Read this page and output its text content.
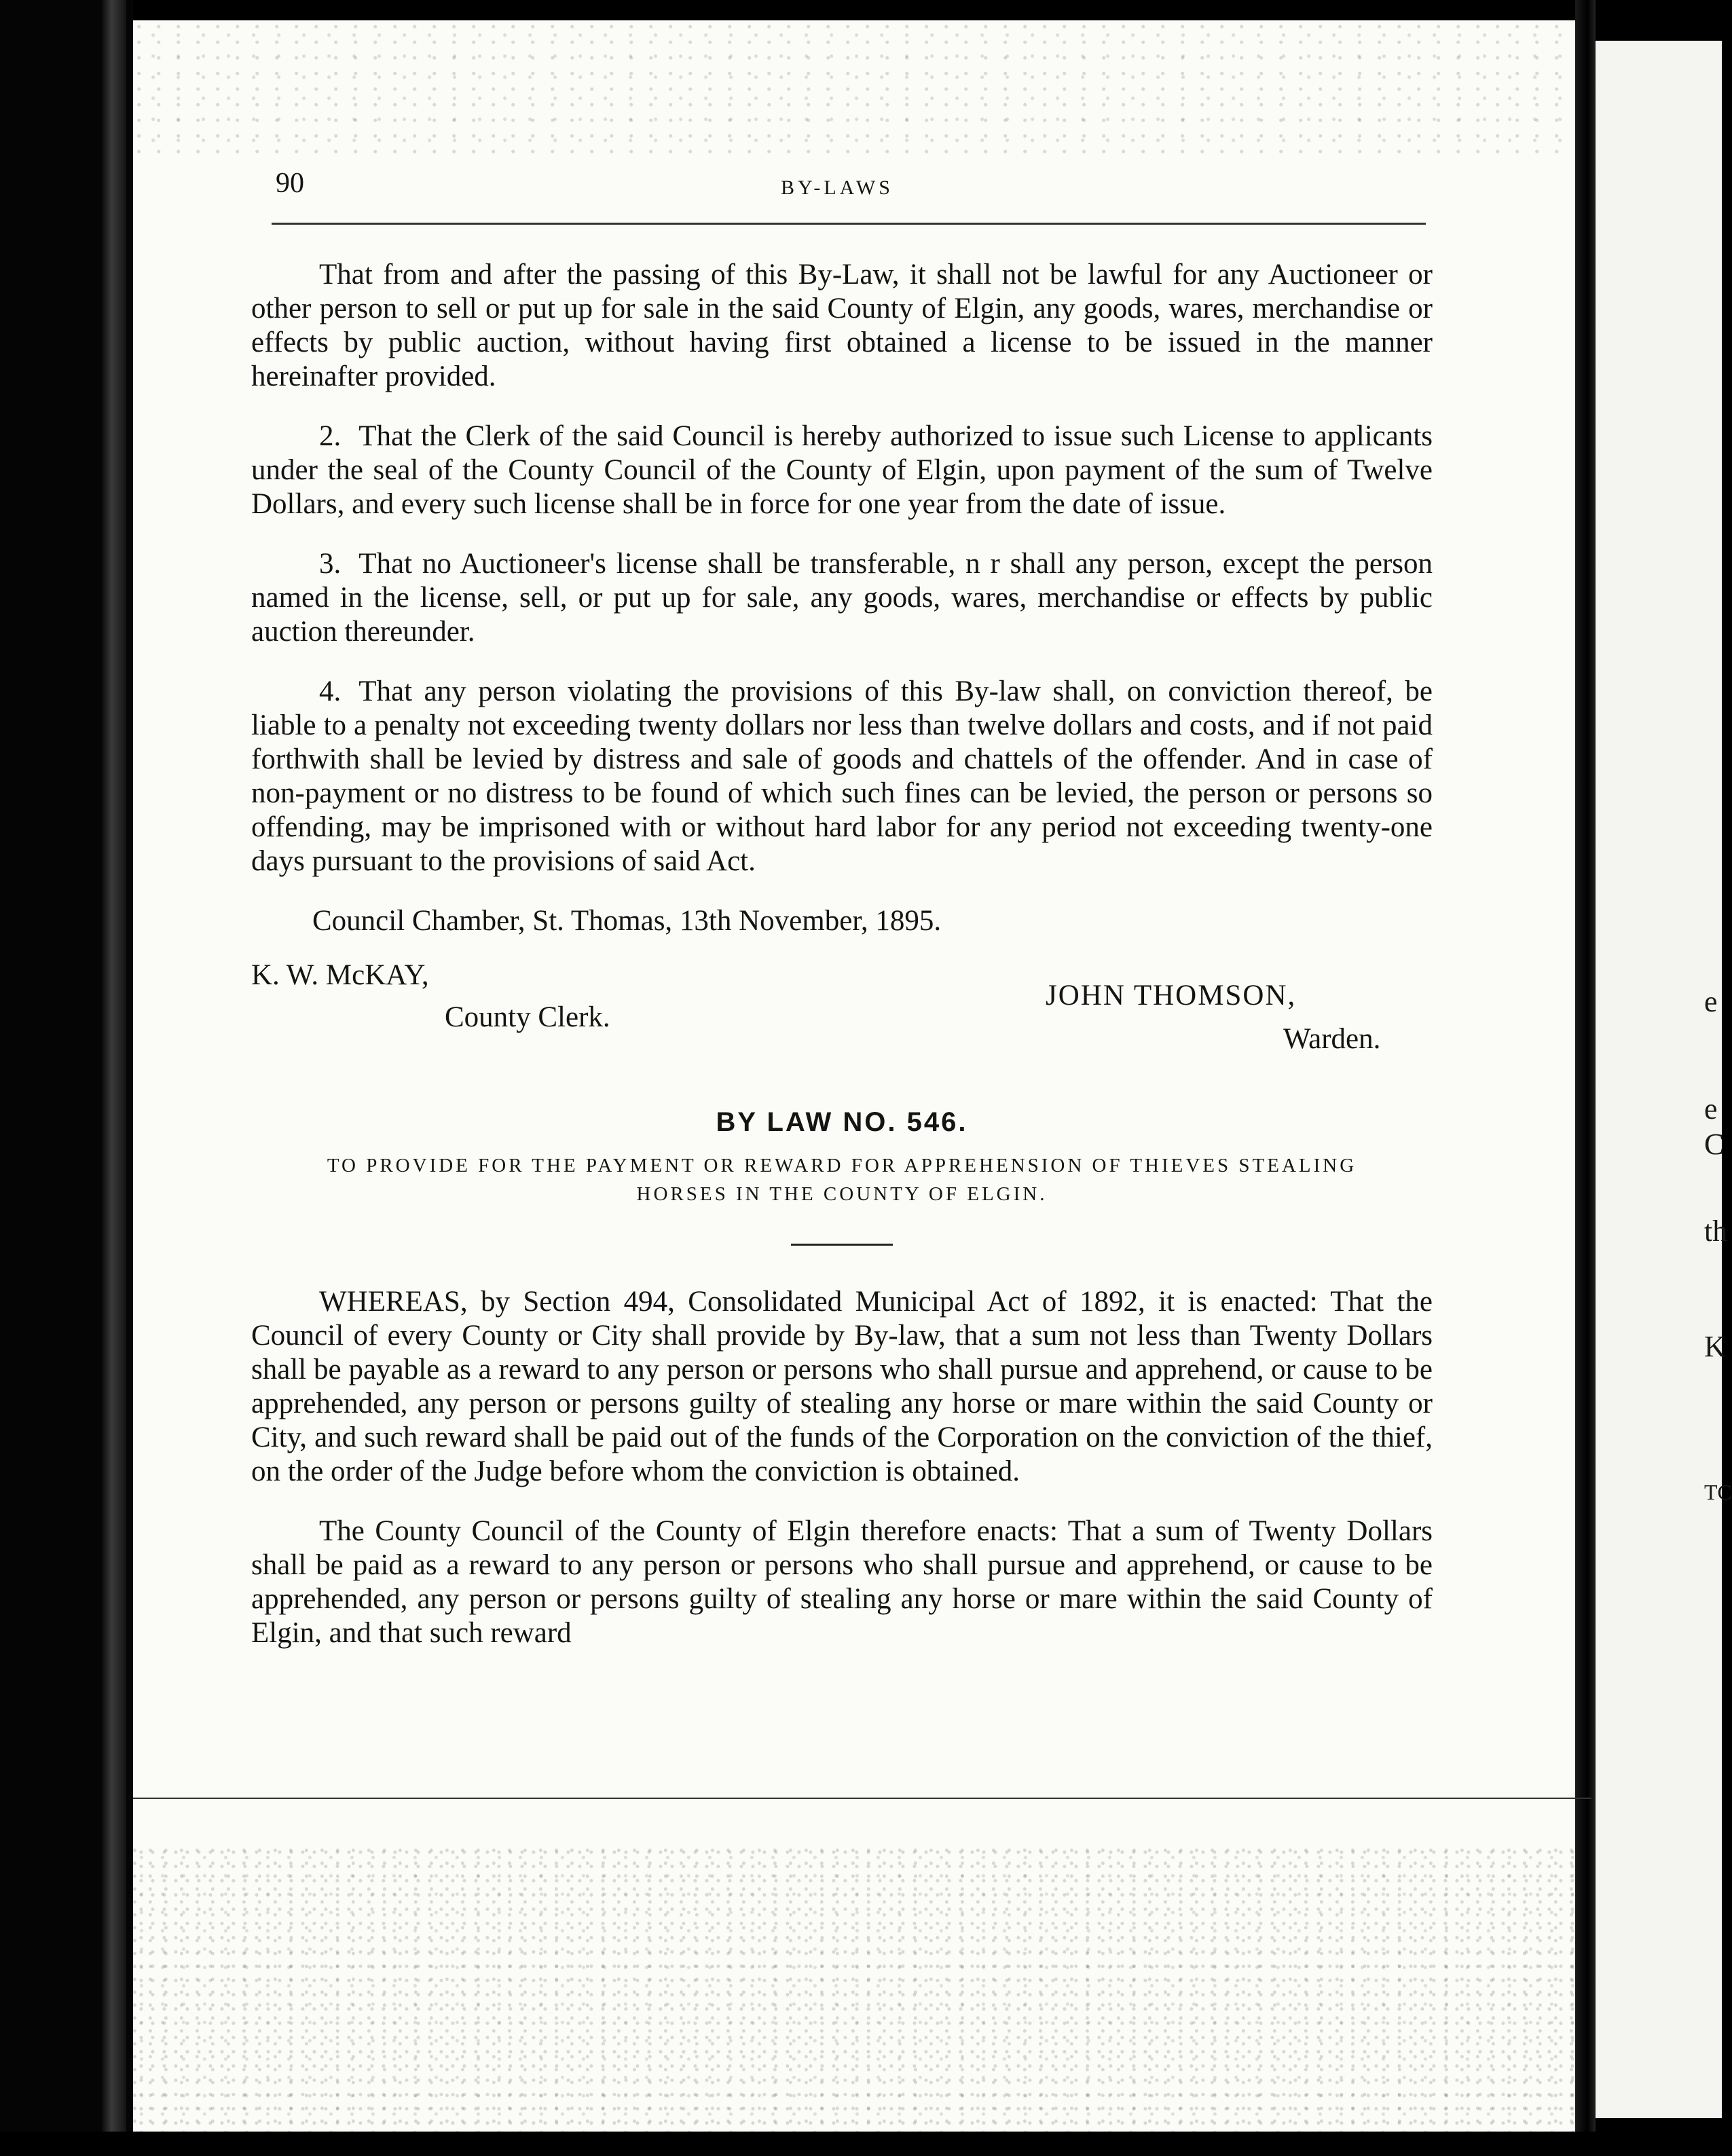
e
e
C
th
K
TC
90	BY-LAWS

That from and after the passing of this By-Law, it shall not be lawful for any Auctioneer or other person to sell or put up for sale in the said County of Elgin, any goods, wares, merchandise or effects by public auction, without having first obtained a license to be issued in the manner hereinafter provided.

2. That the Clerk of the said Council is hereby authorized to issue such License to applicants under the seal of the County Council of the County of Elgin, upon payment of the sum of Twelve Dollars, and every such license shall be in force for one year from the date of issue.

3. That no Auctioneer's license shall be transferable, n r shall any person, except the person named in the license, sell, or put up for sale, any goods, wares, merchandise or effects by public auction thereunder.

4. That any person violating the provisions of this By-law shall, on conviction thereof, be liable to a penalty not exceeding twenty dollars nor less than twelve dollars and costs, and if not paid forthwith shall be levied by distress and sale of goods and chattels of the offender. And in case of non-payment or no distress to be found of which such fines can be levied, the person or persons so offending, may be imprisoned with or without hard labor for any period not exceeding twenty-one days pursuant to the provisions of said Act.

Council Chamber, St. Thomas, 13th November, 1895.
K. W. McKAY,
County Clerk.
JOHN THOMSON,
Warden.
BY LAW NO. 546.
TO PROVIDE FOR THE PAYMENT OR REWARD FOR APPREHENSION OF THIEVES STEALING HORSES IN THE COUNTY OF ELGIN.

WHEREAS, by Section 494, Consolidated Municipal Act of 1892, it is enacted: That the Council of every County or City shall provide by By-law, that a sum not less than Twenty Dollars shall be payable as a reward to any person or persons who shall pursue and apprehend, or cause to be apprehended, any person or persons guilty of stealing any horse or mare within the said County or City, and such reward shall be paid out of the funds of the Corporation on the conviction of the thief, on the order of the Judge before whom the conviction is obtained.

The County Council of the County of Elgin therefore enacts: That a sum of Twenty Dollars shall be paid as a reward to any person or persons who shall pursue and apprehend, or cause to be apprehended, any person or persons guilty of stealing any horse or mare within the said County of Elgin, and that such reward
